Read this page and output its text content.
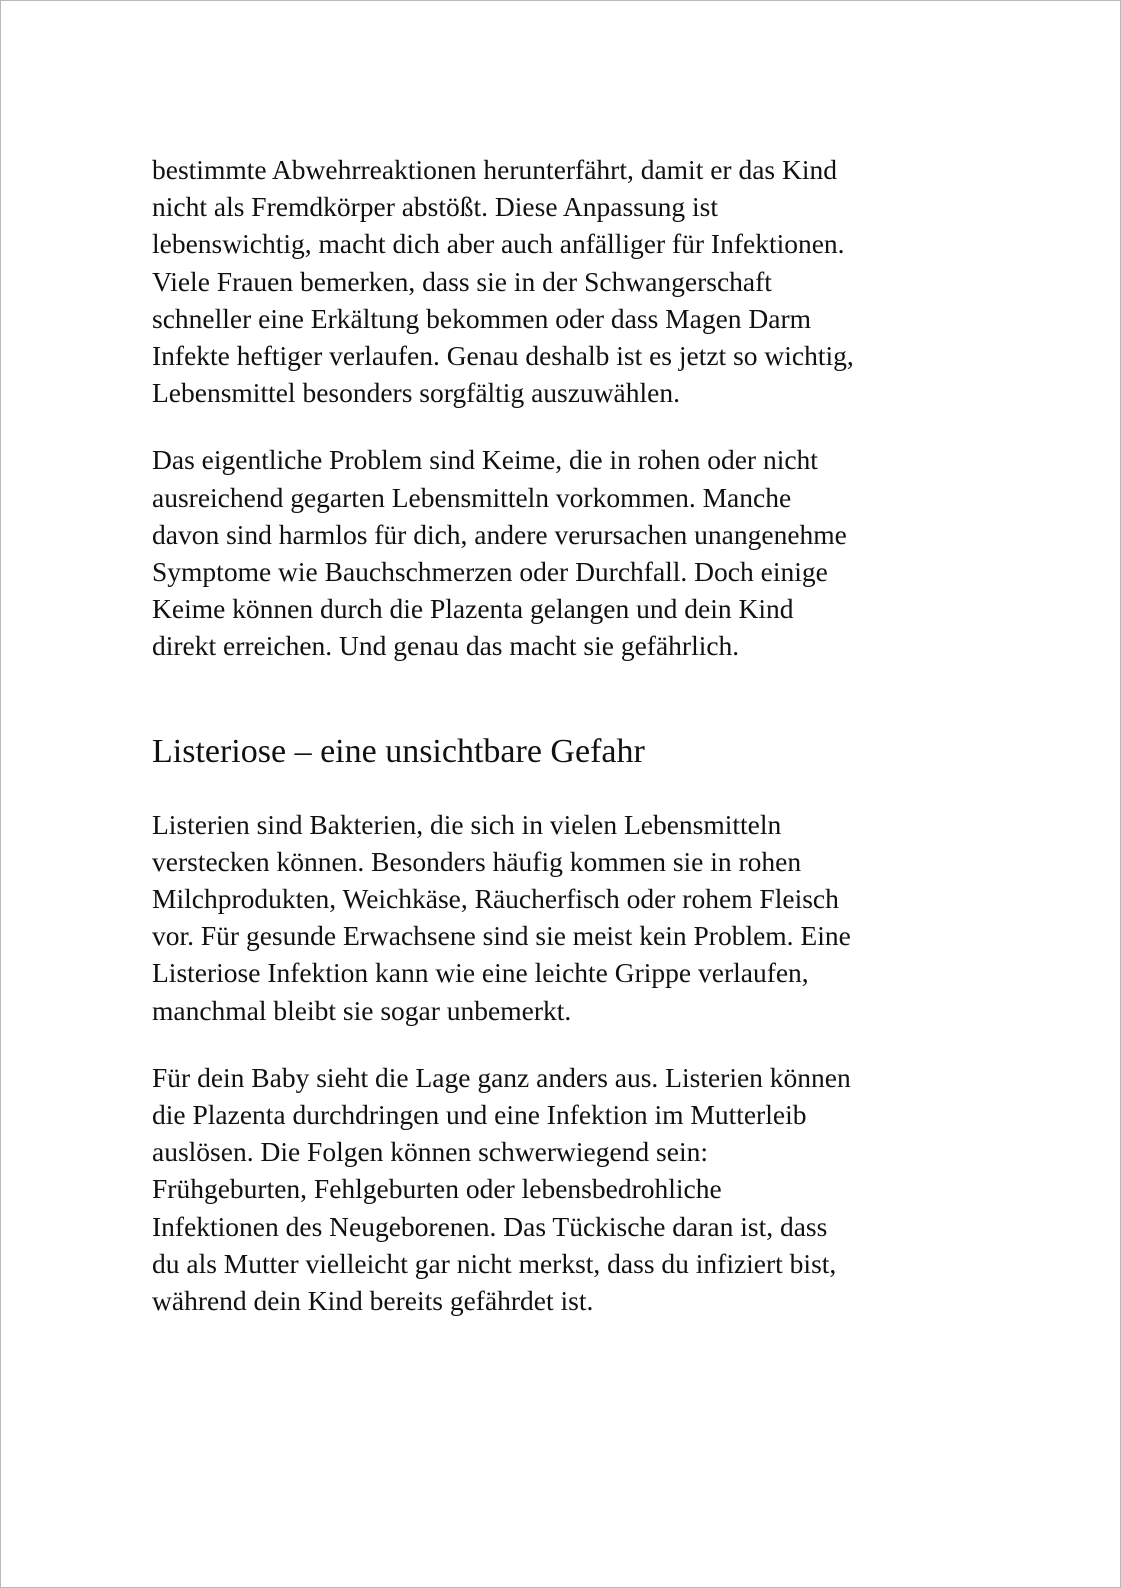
bestimmte Abwehrreaktionen herunterfährt, damit er das Kind
nicht als Fremdkörper abstößt. Diese Anpassung ist
lebenswichtig, macht dich aber auch anfälliger für Infektionen.
Viele Frauen bemerken, dass sie in der Schwangerschaft
schneller eine Erkältung bekommen oder dass Magen Darm
Infekte heftiger verlaufen. Genau deshalb ist es jetzt so wichtig,
Lebensmittel besonders sorgfältig auszuwählen.

Das eigentliche Problem sind Keime, die in rohen oder nicht
ausreichend gegarten Lebensmitteln vorkommen. Manche
davon sind harmlos für dich, andere verursachen unangenehme
Symptome wie Bauchschmerzen oder Durchfall. Doch einige
Keime können durch die Plazenta gelangen und dein Kind
direkt erreichen. Und genau das macht sie gefährlich.

Listeriose – eine unsichtbare Gefahr

Listerien sind Bakterien, die sich in vielen Lebensmitteln
verstecken können. Besonders häufig kommen sie in rohen
Milchprodukten, Weichkäse, Räucherfisch oder rohem Fleisch
vor. Für gesunde Erwachsene sind sie meist kein Problem. Eine
Listeriose Infektion kann wie eine leichte Grippe verlaufen,
manchmal bleibt sie sogar unbemerkt.

Für dein Baby sieht die Lage ganz anders aus. Listerien können
die Plazenta durchdringen und eine Infektion im Mutterleib
auslösen. Die Folgen können schwerwiegend sein:
Frühgeburten, Fehlgeburten oder lebensbedrohliche
Infektionen des Neugeborenen. Das Tückische daran ist, dass
du als Mutter vielleicht gar nicht merkst, dass du infiziert bist,
während dein Kind bereits gefährdet ist.
